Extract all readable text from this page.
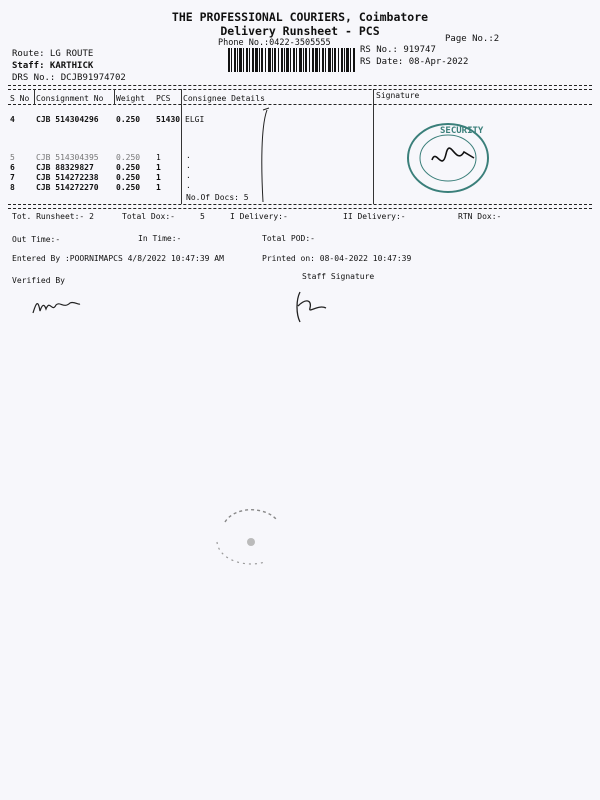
THE PROFESSIONAL COURIERS, Coimbatore
Delivery Runsheet - PCS
Phone No.:0422-3505555	Page No.:2
Route: LG ROUTE
Staff: KARTHICK
DRS No.: DCJB91974702
RS No.: 919747
RS Date: 08-Apr-2022
S No Consignment No Weight PCS Consignee Details	Signature
4	CJB 514304296 0.250 51430 ELGI
5	CJB 514304395 0.250 1	.
6	CJB 88329827	0.250 1	.
7	CJB 514272238 0.250 1	.
8	CJB 514272270 0.250 1	.
No.Of Docs: 5
SECURITY
Tot. Runsheet:- 2	Total Dox:-	5	I Delivery:-	II Delivery:-	RTN Dox:-
Out Time:-	In Time:-	Total POD:-
Entered By :POORNIMAPCS 4/8/2022 10:47:39 AM	Printed on: 08-04-2022 10:47:39
Verified By	Staff Signature
